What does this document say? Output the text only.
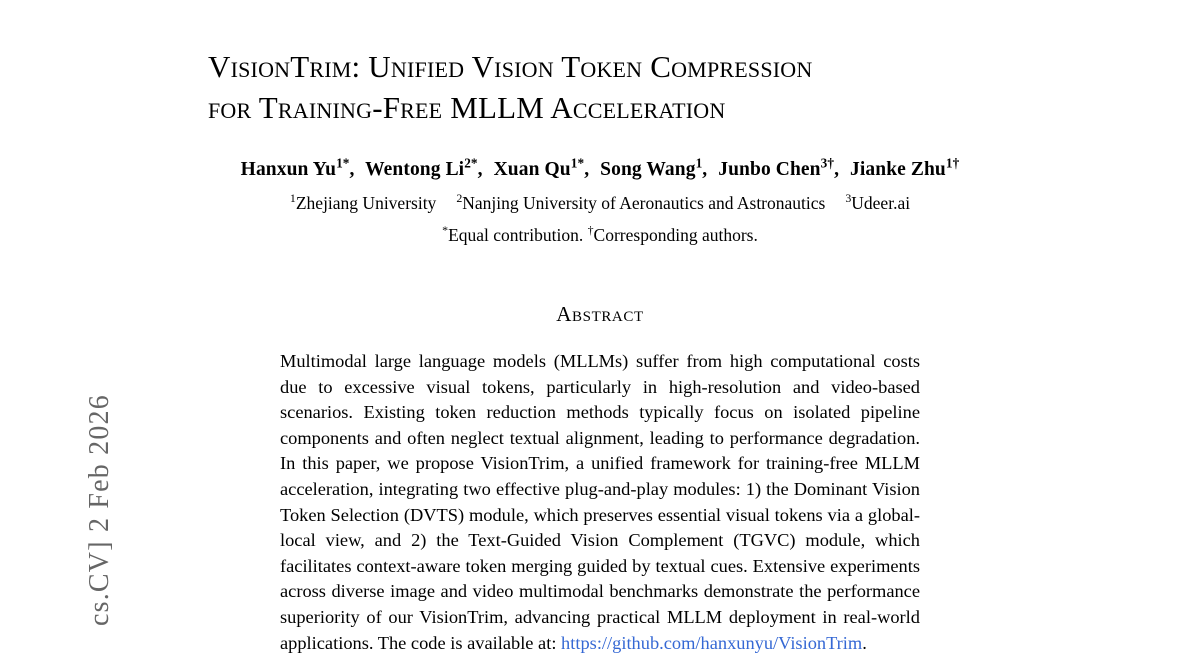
cs.CV] 2 Feb 2026
VisionTrim: Unified Vision Token Compression
for Training-Free MLLM Acceleration
Hanxun $Yu^{1*}$, Wentong $Li^{2*}$, Xuan $Qu^{1*}$, Song Wang$^1$, Junbo Chen$^{3\dagger}$, Jianke Zhu$^{1\dagger}$
$^1$Zhejiang University $^2$Nanjing University of Aeronautics and Astronautics $^3$Udeer.ai
*Equal contribution. †Corresponding authors.
Abstract

Multimodal large language models (MLLMs) suffer from high computational costs due to excessive visual tokens, particularly in high-resolution and video-based scenarios. Existing token reduction methods typically focus on isolated pipeline components and often neglect textual alignment, leading to performance degradation. In this paper, we propose VisionTrim, a unified framework for training-free MLLM acceleration, integrating two effective plug-and-play modules: 1) the Dominant Vision Token Selection (DVTS) module, which preserves essential visual tokens via a global-local view, and 2) the Text-Guided Vision Complement (TGVC) module, which facilitates context-aware token merging guided by textual cues. Extensive experiments across diverse image and video multimodal benchmarks demonstrate the performance superiority of our VisionTrim, advancing practical MLLM deployment in real-world applications. The code is available at: https://github.com/hanxunyu/VisionTrim.
